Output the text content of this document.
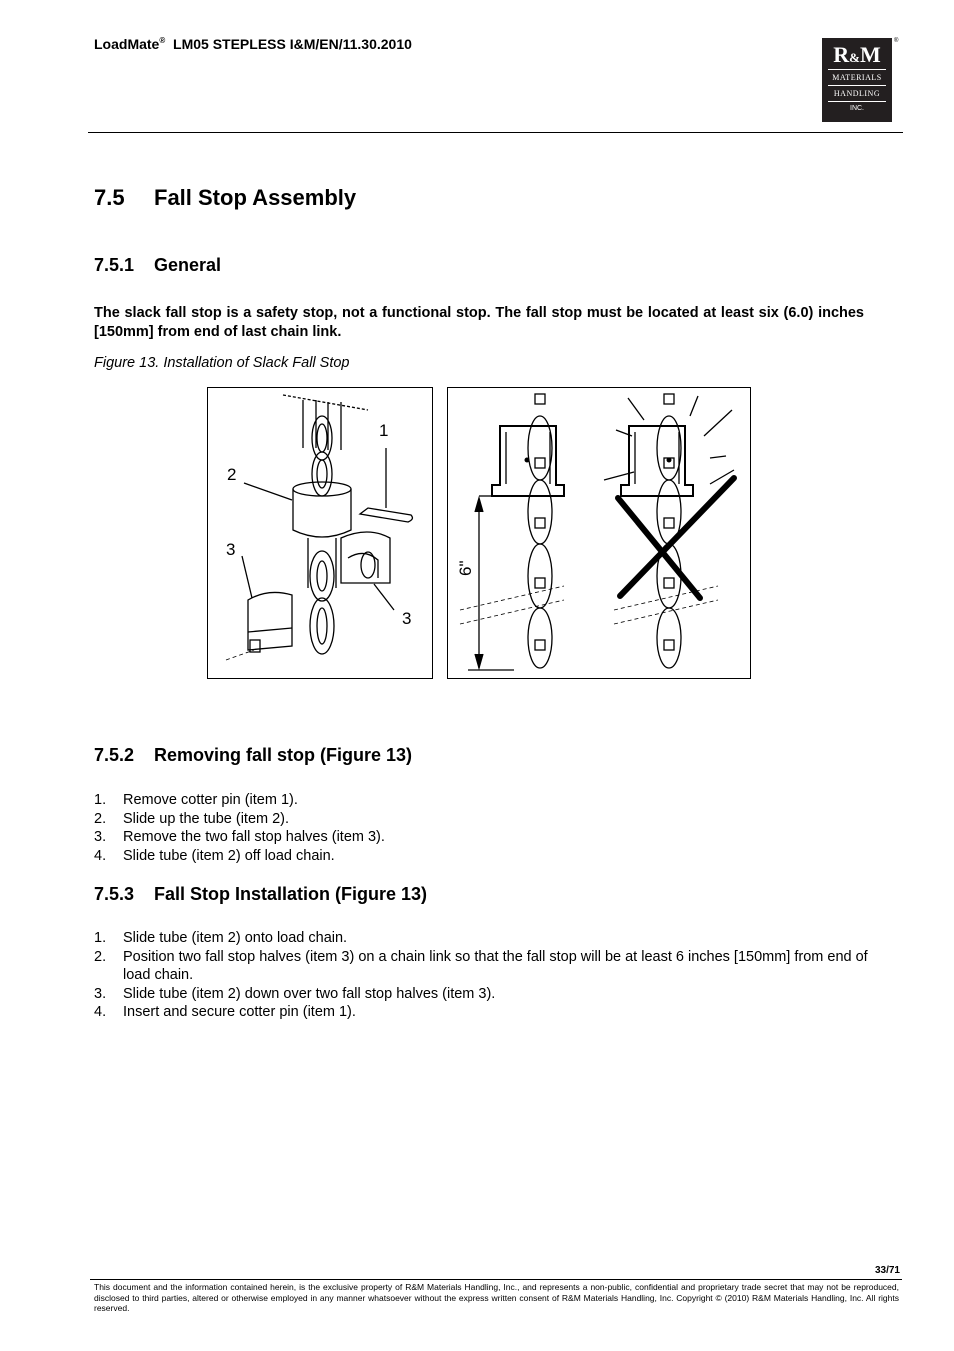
LoadMate® LM05 STEPLESS I&M/EN/11.30.2010	R&M
MATERIALS
HANDLING
INC.
®
7.5 Fall Stop Assembly
7.5.1 General

The slack fall stop is a safety stop, not a functional stop. The fall stop must be located at least six (6.0) inches [150mm] from end of last chain link.

Figure 13. Installation of Slack Fall Stop
1
2
3
3
6"
7.5.2 Removing fall stop (Figure 13)
1. Remove cotter pin (item 1).
2. Slide up the tube (item 2).
3. Remove the two fall stop halves (item 3).
4. Slide tube (item 2) off load chain.
7.5.3 Fall Stop Installation (Figure 13)
1. Slide tube (item 2) onto load chain.
2. Position two fall stop halves (item 3) on a chain link so that the fall stop will be at least 6 inches [150mm] from end of load chain.
3. Slide tube (item 2) down over two fall stop halves (item 3).
4. Insert and secure cotter pin (item 1).
33/71

This document and the information contained herein, is the exclusive property of R&M Materials Handling, Inc., and represents a non-public, confidential and proprietary trade secret that may not be reproduced, disclosed to third parties, altered or otherwise employed in any manner whatsoever without the express written consent of R&M Materials Handling, Inc. Copyright © (2010) R&M Materials Handling, Inc. All rights reserved.
